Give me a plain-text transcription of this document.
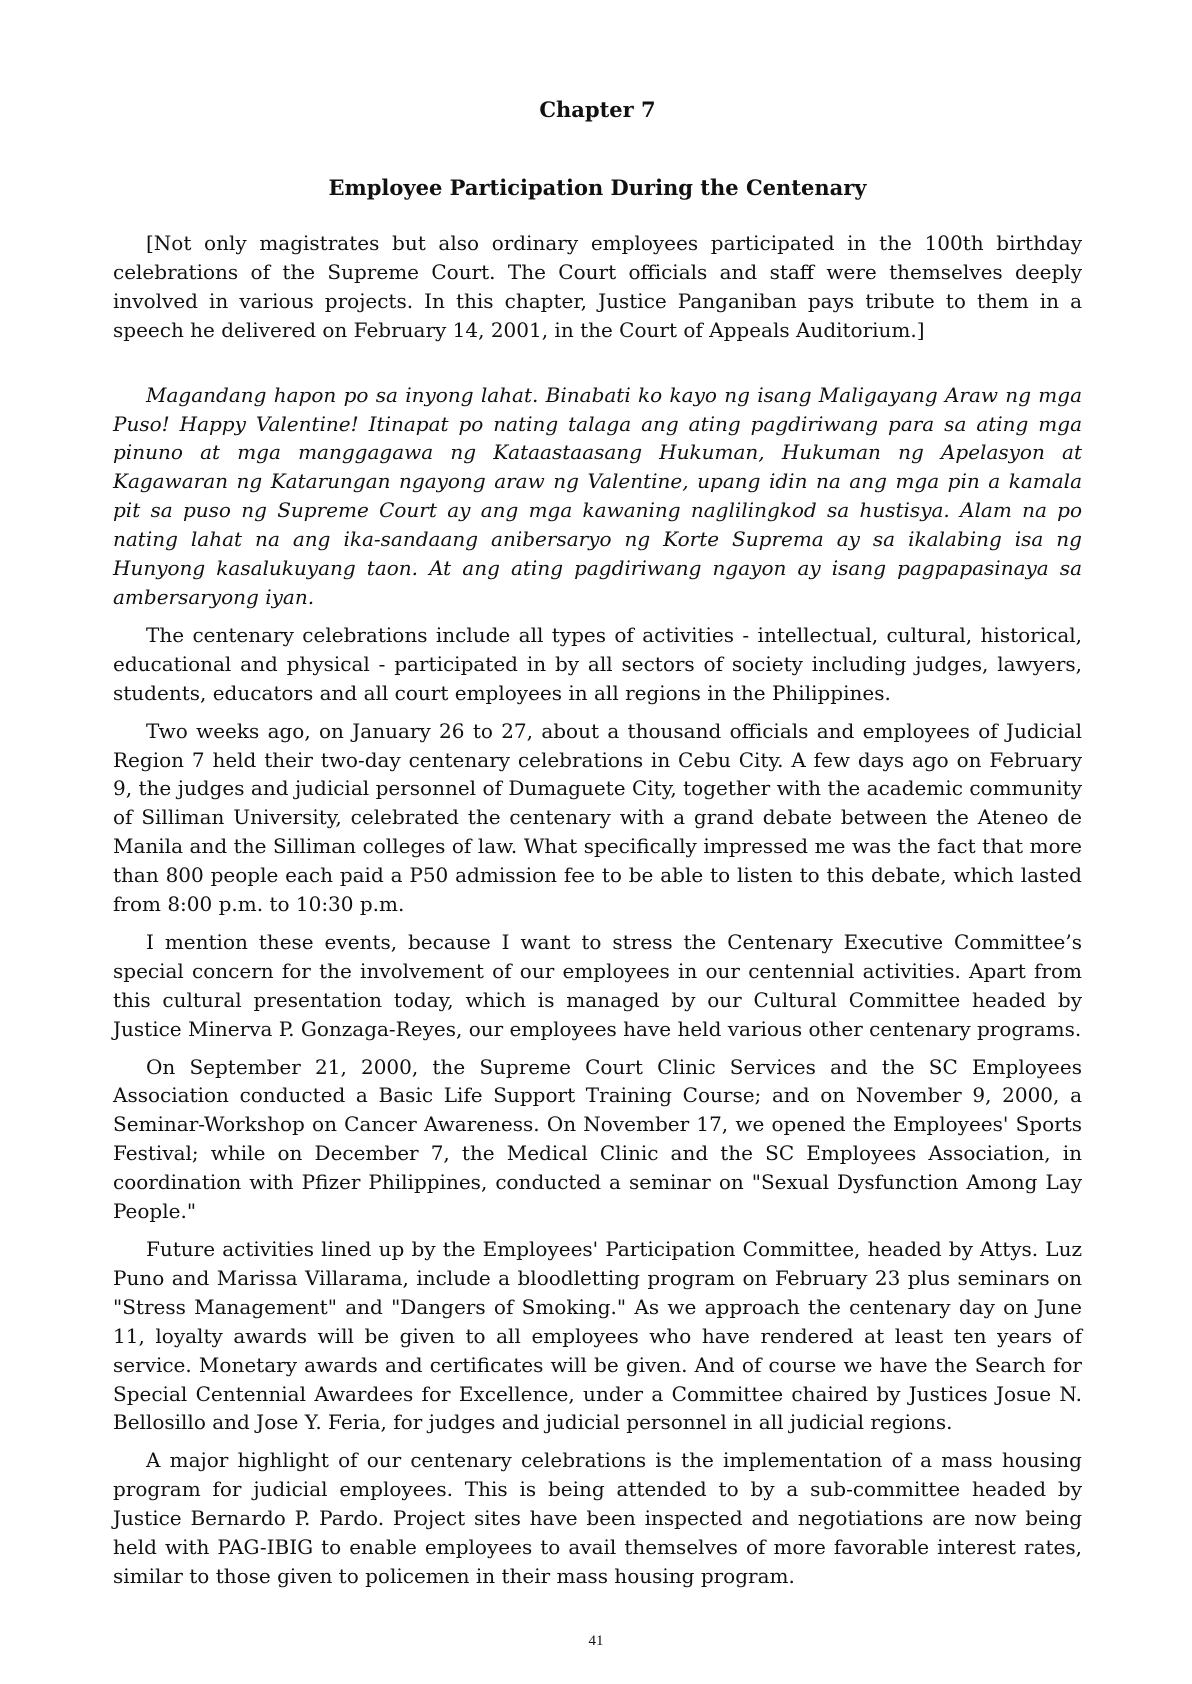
Chapter 7
Employee Participation During the Centenary

[Not only magistrates but also ordinary employees participated in the 100th birthday celebrations of the Supreme Court. The Court officials and staff were themselves deeply involved in various projects. In this chapter, Justice Panganiban pays tribute to them in a speech he delivered on February 14, 2001, in the Court of Appeals Auditorium.]

Magandang hapon po sa inyong lahat. Binabati ko kayo ng isang Maligayang Araw ng mga Puso! Happy Valentine! Itinapat po nating talaga ang ating pagdiriwang para sa ating mga pinuno at mga manggagawa ng Kataastaasang Hukuman, Hukuman ng Apelasyon at Kagawaran ng Katarungan ngayong araw ng Valentine, upang idin na ang mga pin a kamala pit sa puso ng Supreme Court ay ang mga kawaning naglilingkod sa hustisya. Alam na po nating lahat na ang ika-sandaang anibersaryo ng Korte Suprema ay sa ikalabing isa ng Hunyong kasalukuyang taon. At ang ating pagdiriwang ngayon ay isang pagpapasinaya sa ambersaryong iyan.

The centenary celebrations include all types of activities - intellectual, cultural, historical, educational and physical - participated in by all sectors of society including judges, lawyers, students, educators and all court employees in all regions in the Philippines.

Two weeks ago, on January 26 to 27, about a thousand officials and employees of Judicial Region 7 held their two-day centenary celebrations in Cebu City. A few days ago on February 9, the judges and judicial personnel of Dumaguete City, together with the academic community of Silliman University, celebrated the centenary with a grand debate between the Ateneo de Manila and the Silliman colleges of law. What specifically impressed me was the fact that more than 800 people each paid a P50 admission fee to be able to listen to this debate, which lasted from 8:00 p.m. to 10:30 p.m.

I mention these events, because I want to stress the Centenary Executive Committee’s special concern for the involvement of our employees in our centennial activities. Apart from this cultural presentation today, which is managed by our Cultural Committee headed by Justice Minerva P. Gonzaga-Reyes, our employees have held various other centenary programs.

On September 21, 2000, the Supreme Court Clinic Services and the SC Employees Association conducted a Basic Life Support Training Course; and on November 9, 2000, a Seminar-Workshop on Cancer Awareness. On November 17, we opened the Employees' Sports Festival; while on December 7, the Medical Clinic and the SC Employees Association, in coordination with Pfizer Philippines, conducted a seminar on "Sexual Dysfunction Among Lay People."

Future activities lined up by the Employees' Participation Committee, headed by Attys. Luz Puno and Marissa Villarama, include a bloodletting program on February 23 plus seminars on "Stress Management" and "Dangers of Smoking." As we approach the centenary day on June 11, loyalty awards will be given to all employees who have rendered at least ten years of service. Monetary awards and certificates will be given. And of course we have the Search for Special Centennial Awardees for Excellence, under a Committee chaired by Justices Josue N. Bellosillo and Jose Y. Feria, for judges and judicial personnel in all judicial regions.

A major highlight of our centenary celebrations is the implementation of a mass housing program for judicial employees. This is being attended to by a sub-committee headed by Justice Bernardo P. Pardo. Project sites have been inspected and negotiations are now being held with PAG-IBIG to enable employees to avail themselves of more favorable interest rates, similar to those given to policemen in their mass housing program.

41
